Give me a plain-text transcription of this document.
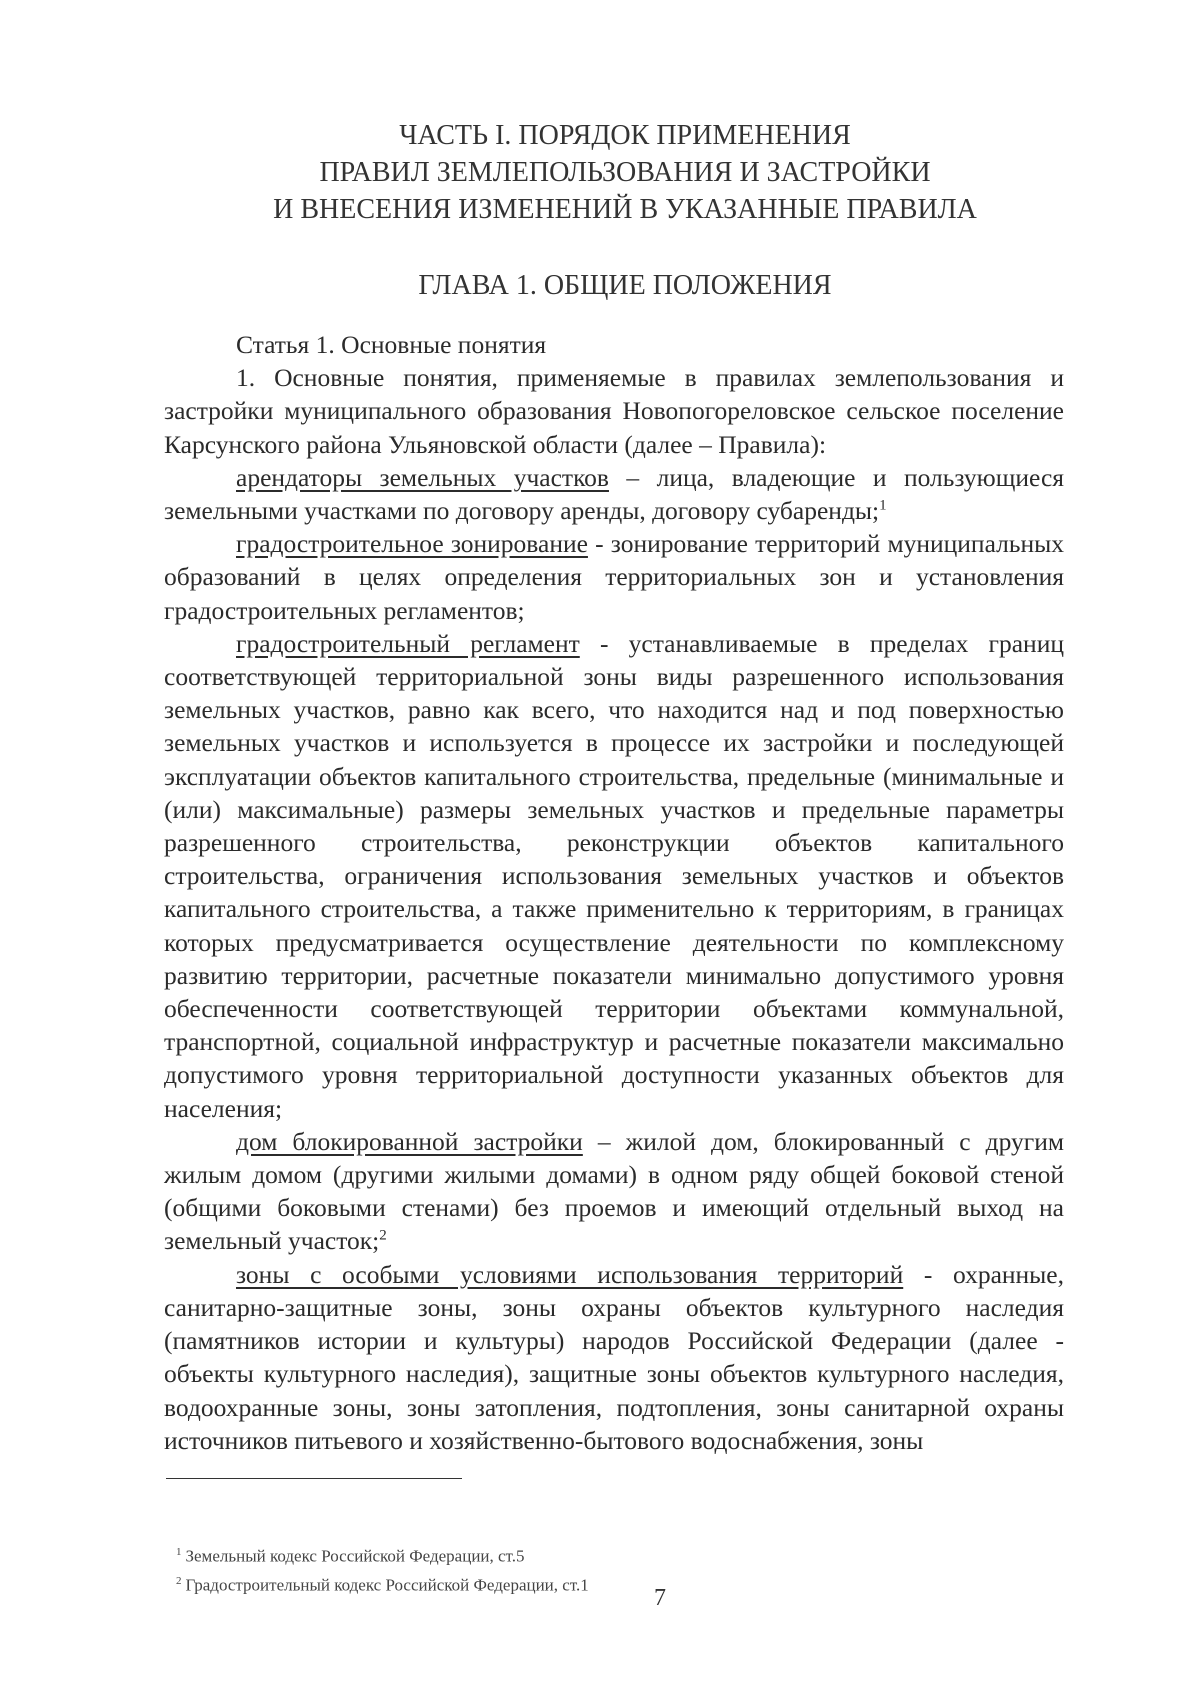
ЧАСТЬ I. ПОРЯДОК ПРИМЕНЕНИЯ
ПРАВИЛ ЗЕМЛЕПОЛЬЗОВАНИЯ И ЗАСТРОЙКИ
И ВНЕСЕНИЯ ИЗМЕНЕНИЙ В УКАЗАННЫЕ ПРАВИЛА
ГЛАВА 1. ОБЩИЕ ПОЛОЖЕНИЯ

Статья 1. Основные понятия

1. Основные понятия, применяемые в правилах землепользования и застройки муниципального образования Новопогореловское сельское поселение Карсунского района Ульяновской области (далее – Правила):

арендаторы земельных участков – лица, владеющие и пользующиеся земельными участками по договору аренды, договору субаренды;$^1$

градостроительное зонирование - зонирование территорий муниципальных образований в целях определения территориальных зон и установления градостроительных регламентов;

градостроительный регламент - устанавливаемые в пределах границ соответствующей территориальной зоны виды разрешенного использования земельных участков, равно как всего, что находится над и под поверхностью земельных участков и используется в процессе их застройки и последующей эксплуатации объектов капитального строительства, предельные (минимальные и (или) максимальные) размеры земельных участков и предельные параметры разрешенного строительства, реконструкции объектов капитального строительства, ограничения использования земельных участков и объектов капитального строительства, а также применительно к территориям, в границах которых предусматривается осуществление деятельности по комплексному развитию территории, расчетные показатели минимально допустимого уровня обеспеченности соответствующей территории объектами коммунальной, транспортной, социальной инфраструктур и расчетные показатели максимально допустимого уровня территориальной доступности указанных объектов для населения;

дом блокированной застройки – жилой дом, блокированный с другим жилым домом (другими жилыми домами) в одном ряду общей боковой стеной (общими боковыми стенами) без проемов и имеющий отдельный выход на земельный участок;$^2$

зоны с особыми условиями использования территорий - охранные, санитарно-защитные зоны, зоны охраны объектов культурного наследия (памятников истории и культуры) народов Российской Федерации (далее - объекты культурного наследия), защитные зоны объектов культурного наследия, водоохранные зоны, зоны затопления, подтопления, зоны санитарной охраны источников питьевого и хозяйственно-бытового водоснабжения, зоны

$^1$ Земельный кодекс Российской Федерации, ст.5
$^2$ Градостроительный кодекс Российской Федерации, ст.1
7
